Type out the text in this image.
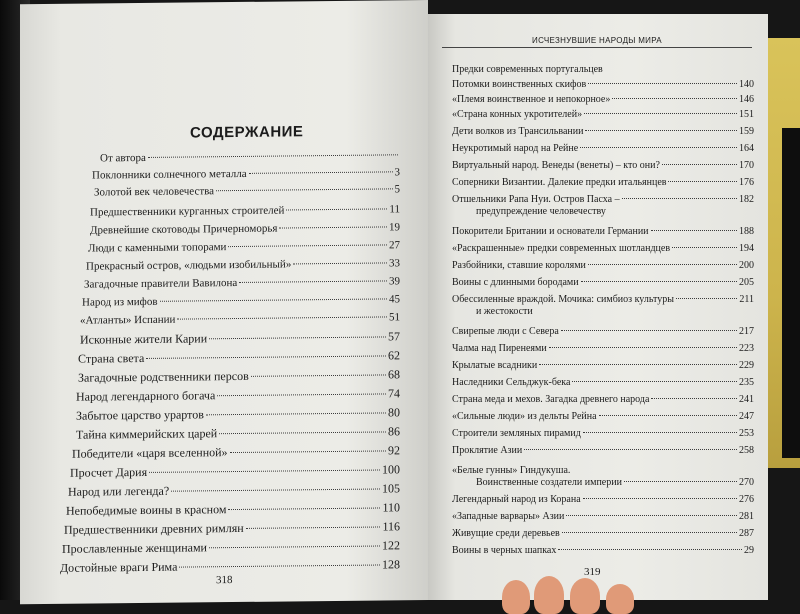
СОДЕРЖАНИЕ
От автора
Поклонники солнечного металла	3
Золотой век человечества	5
Предшественники курганных строителей	11
Древнейшие скотоводы Причерноморья	19
Люди с каменными топорами	27
Прекрасный остров, «людьми изобильный»	33
Загадочные правители Вавилона	39
Народ из мифов	45
«Атланты» Испании	51
Исконные жители Карии	57
Страна света	62
Загадочные родственники персов	68
Народ легендарного богача	74
Забытое царство урартов	80
Тайна киммерийских царей	86
Победители «царя вселенной»	92
Просчет Дария	100
Народ или легенда?	105
Непобедимые воины в красном	110
Предшественники древних римлян	116
Прославленные женщинами	122
Достойные враги Рима	128
318
ИСЧЕЗНУВШИЕ НАРОДЫ МИРА
Предки современных португальцев
Потомки воинственных скифов	140
«Племя воинственное и непокорное»	146
«Страна конных укротителей»	151
Дети волков из Трансильвании	159
Неукротимый народ на Рейне	164
Виртуальный народ. Венеды (венеты) – кто они?	170
Соперники Византии. Далекие предки итальянцев	176
Отшельники Рапа Нуи. Остров Пасха –	182
предупреждение человечеству
Покорители Британии и основатели Германии	188
«Раскрашенные» предки современных шотландцев	194
Разбойники, ставшие королями	200
Воины с длинными бородами	205
Обессиленные враждой. Мочика: симбиоз культуры	211
и жестокости
Свирепые люди с Севера	217
Чалма над Пиренеями	223
Крылатые всадники	229
Наследники Сельджук-бека	235
Страна меда и мехов. Загадка древнего народа	241
«Сильные люди» из дельты Рейна	247
Строители земляных пирамид	253
Проклятие Азии	258
«Белые гунны» Гиндукуша.
Воинственные создатели империи	270
Легендарный народ из Корана	276
«Западные варвары» Азии	281
Живущие среди деревьев	287
Воины в черных шапках	29
319
